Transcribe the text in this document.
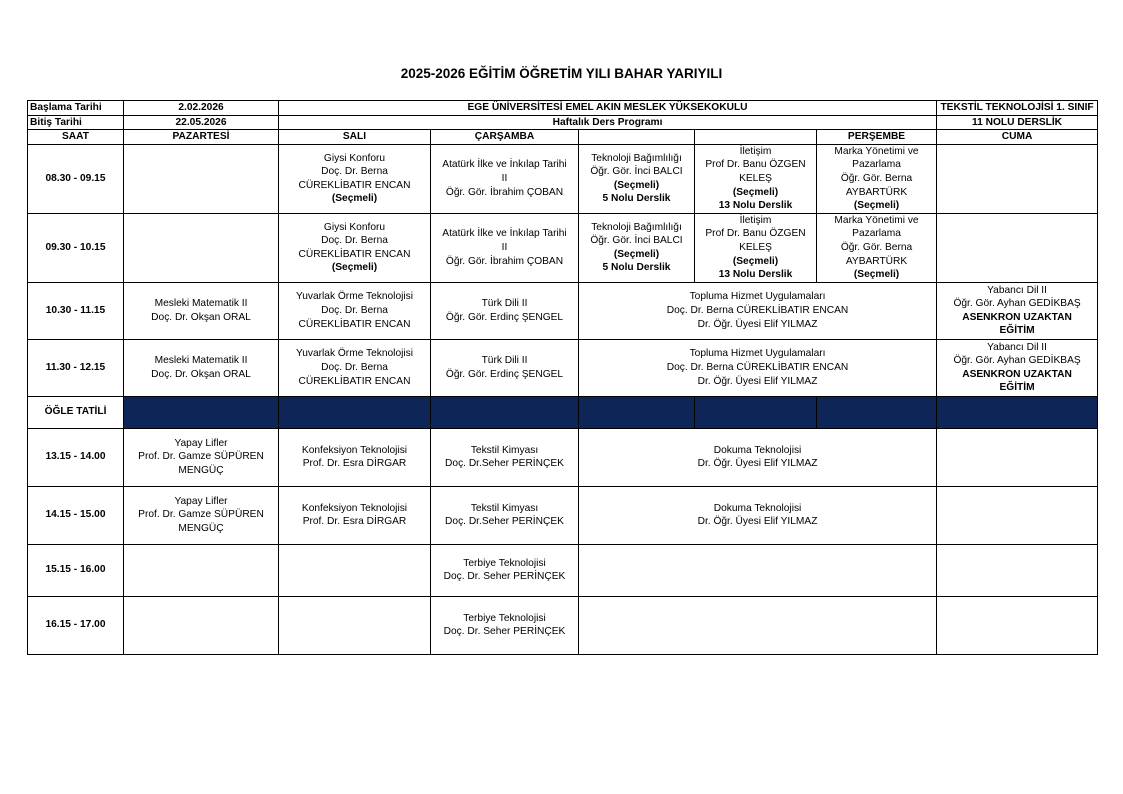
2025-2026 EĞİTİM ÖĞRETİM YILI BAHAR YARIYILI
Başlama Tarihi	2.02.2026	EGE ÜNİVERSİTESİ EMEL AKIN MESLEK YÜKSEKOKULU					TEKSTİL TEKNOLOJİSİ 1. SINIF
Bitiş Tarihi	22.05.2026	Haftalık Ders Programı					11 NOLU DERSLİK
SAAT	PAZARTESİ	SALI	ÇARŞAMBA			PERŞEMBE	CUMA
08.30 - 09.15		Giysi Konforu
Doç. Dr. Berna
CÜREKLİBATIR ENCAN
(Seçmeli)	Atatürk İlke ve İnkılap Tarihi
II
Öğr. Gör. İbrahim ÇOBAN	Teknoloji Bağımlılığı
Öğr. Gör. İnci BALCI
(Seçmeli)
5 Nolu Derslik	İletişim
Prof Dr. Banu ÖZGEN
KELEŞ
(Seçmeli)
13 Nolu Derslik	Marka Yönetimi ve
Pazarlama
Öğr. Gör. Berna
AYBARTÜRK
(Seçmeli)	

09.30 - 10.15		Giysi Konforu
Doç. Dr. Berna
CÜREKLİBATIR ENCAN
(Seçmeli)	Atatürk İlke ve İnkılap Tarihi
II
Öğr. Gör. İbrahim ÇOBAN	Teknoloji Bağımlılığı
Öğr. Gör. İnci BALCI
(Seçmeli)
5 Nolu Derslik	İletişim
Prof Dr. Banu ÖZGEN
KELEŞ
(Seçmeli)
13 Nolu Derslik	Marka Yönetimi ve
Pazarlama
Öğr. Gör. Berna
AYBARTÜRK
(Seçmeli)	

10.30 - 11.15	Mesleki Matematik II
Doç. Dr. Okşan ORAL	Yuvarlak Örme Teknolojisi
Doç. Dr. Berna
CÜREKLİBATIR ENCAN	Türk Dili II
Öğr. Gör. Erdinç ŞENGEL	Topluma Hizmet Uygulamaları
Doç. Dr. Berna CÜREKLİBATIR ENCAN
Dr. Öğr. Üyesi Elif YILMAZ			Yabancı Dil II
Öğr. Gör. Ayhan GEDİKBAŞ
ASENKRON UZAKTAN
EĞİTİM

11.30 - 12.15	Mesleki Matematik II
Doç. Dr. Okşan ORAL	Yuvarlak Örme Teknolojisi
Doç. Dr. Berna
CÜREKLİBATIR ENCAN	Türk Dili II
Öğr. Gör. Erdinç ŞENGEL	Topluma Hizmet Uygulamaları
Doç. Dr. Berna CÜREKLİBATIR ENCAN
Dr. Öğr. Üyesi Elif YILMAZ			Yabancı Dil II
Öğr. Gör. Ayhan GEDİKBAŞ
ASENKRON UZAKTAN
EĞİTİM

ÖĞLE TATİLİ							
13.15 - 14.00	Yapay Lifler
Prof. Dr. Gamze SÜPÜREN
MENGÜÇ	Konfeksiyon Teknolojisi
Prof. Dr. Esra DİRGAR	Tekstil Kimyası
Doç. Dr.Seher PERİNÇEK	Dokuma Teknolojisi
Dr. Öğr. Üyesi Elif YILMAZ			

14.15 - 15.00	Yapay Lifler
Prof. Dr. Gamze SÜPÜREN
MENGÜÇ	Konfeksiyon Teknolojisi
Prof. Dr. Esra DİRGAR	Tekstil Kimyası
Doç. Dr.Seher PERİNÇEK	Dokuma Teknolojisi
Dr. Öğr. Üyesi Elif YILMAZ			

15.15 - 16.00			Terbiye Teknolojisi
Doç. Dr. Seher PERİNÇEK				

16.15 - 17.00			Terbiye Teknolojisi
Doç. Dr. Seher PERİNÇEK				
